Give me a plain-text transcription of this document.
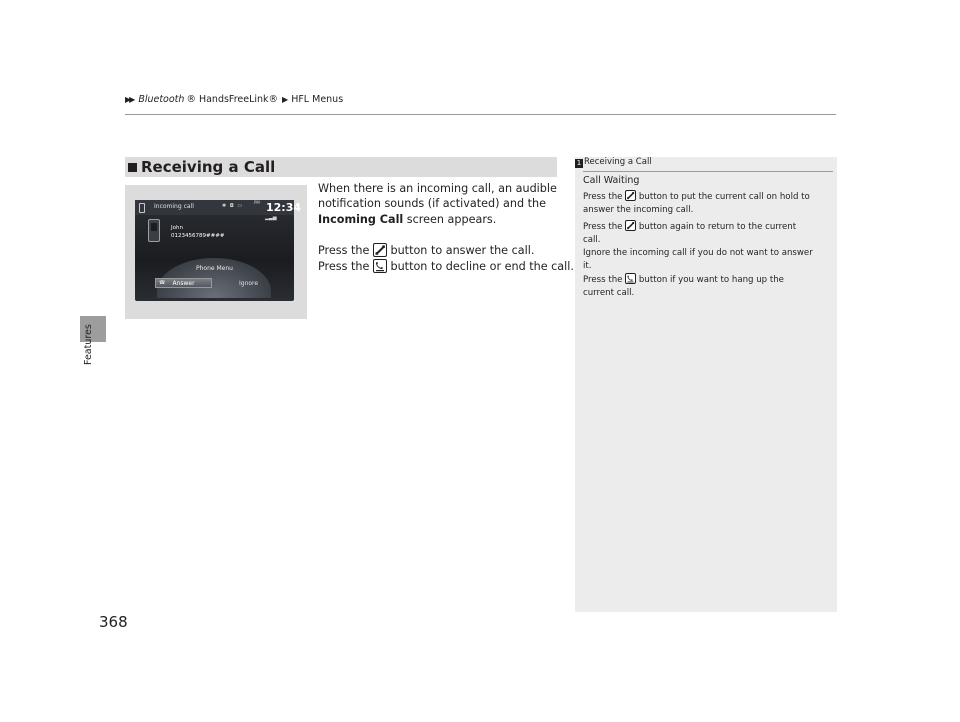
▶▶ Bluetooth ® HandsFreeLink® ▶ HFL Menus
Features
368
Receiving a Call
Incoming call	✱ ◘ ▭
PM 12:34
▂▃▅
John
0123456789####
Phone Menu
☎ Answer	Ignore
When there is an incoming call, an audible
notification sounds (if activated) and the
Incoming Call screen appears.
Press the button to answer the call.
Press the button to decline or end the call.
1 Receiving a Call
Call Waiting
Press the button to put the current call on hold to
answer the incoming call.
Press the button again to return to the current
call.
Ignore the incoming call if you do not want to answer
it.
Press the button if you want to hang up the
current call.
